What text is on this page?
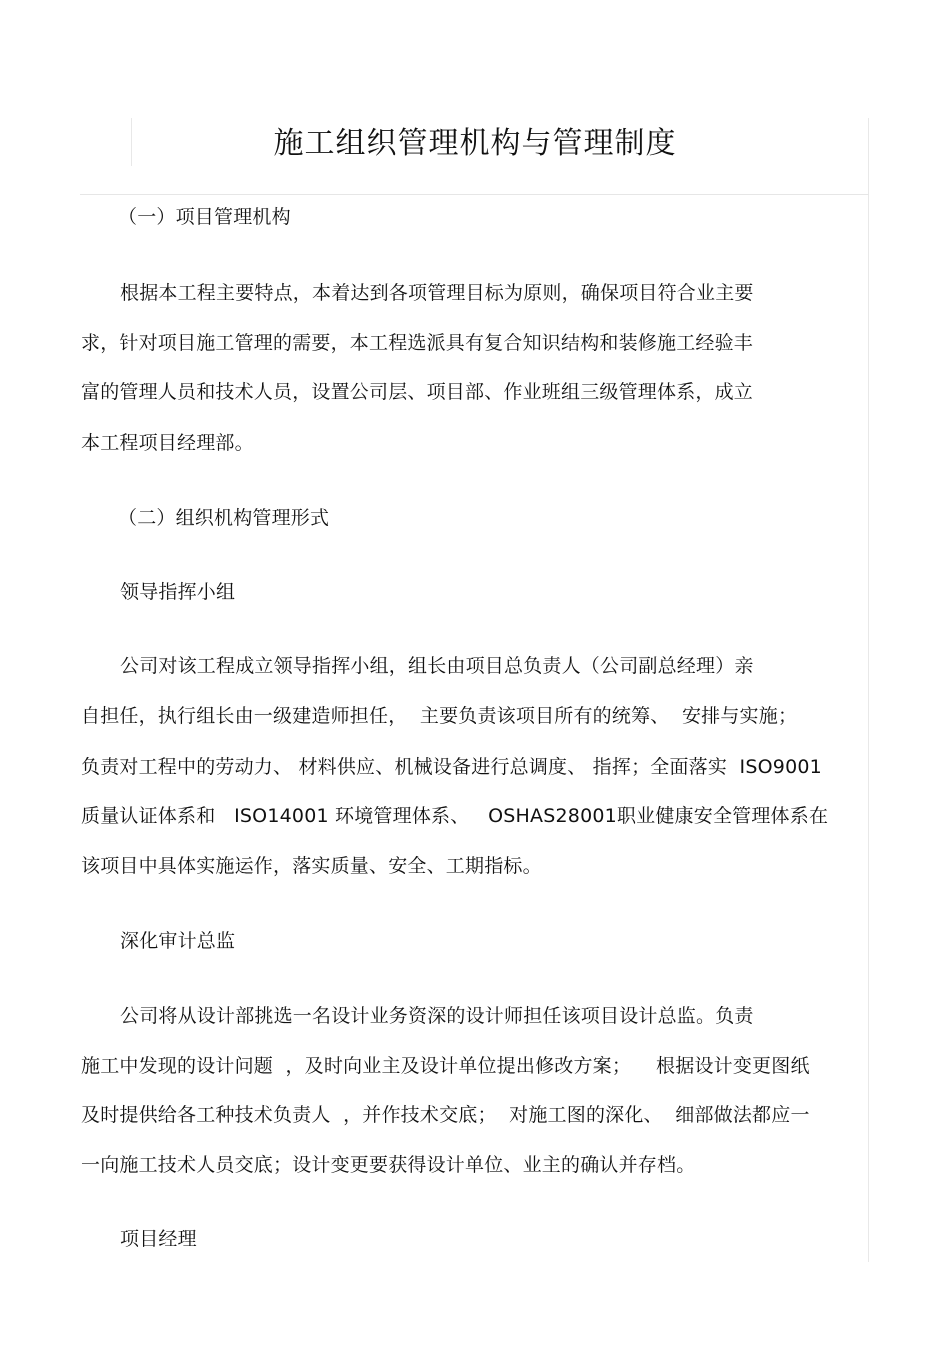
施工组织管理机构与管理制度
（一）项目管理机构
根据本工程主要特点，本着达到各项管理目标为原则，确保项目符合业主要
求，针对项目施工管理的需要，本工程选派具有复合知识结构和装修施工经验丰
富的管理人员和技术人员，设置公司层、项目部、作业班组三级管理体系，成立
本工程项目经理部。
（二）组织机构管理形式
领导指挥小组
公司对该工程成立领导指挥小组，组长由项目总负责人（公司副总经理）亲
自担任，执行组长由一级建造师担任，  主要负责该项目所有的统筹、  安排与实施；
负责对工程中的劳动力、 材料供应、机械设备进行总调度、 指挥；全面落实  ISO9001
质量认证体系和   ISO14001 环境管理体系、   OSHAS28001职业健康安全管理体系在
该项目中具体实施运作，落实质量、安全、工期指标。
深化审计总监
公司将从设计部挑选一名设计业务资深的设计师担任该项目设计总监。负责
施工中发现的设计问题  ，及时向业主及设计单位提出修改方案；    根据设计变更图纸
及时提供给各工种技术负责人  ，并作技术交底；  对施工图的深化、  细部做法都应一
一向施工技术人员交底；设计变更要获得设计单位、业主的确认并存档。
项目经理
